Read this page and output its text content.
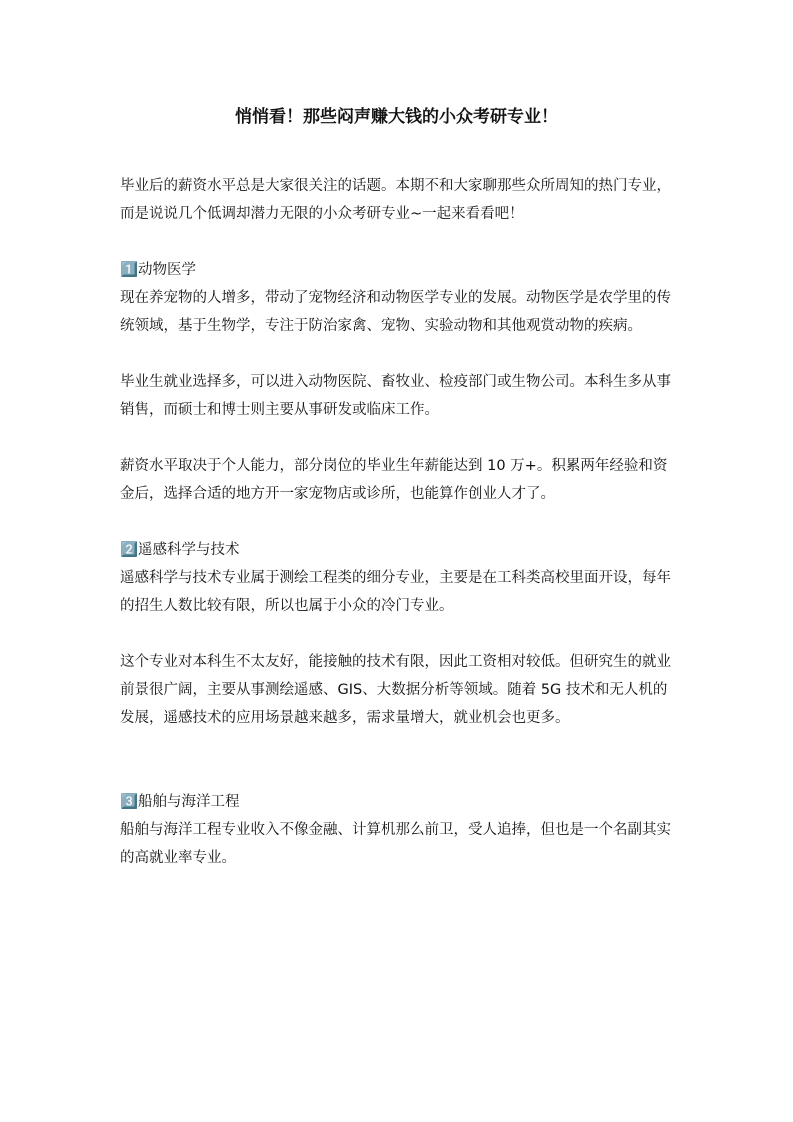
悄悄看！那些闷声赚大钱的小众考研专业！

毕业后的薪资水平总是大家很关注的话题。本期不和大家聊那些众所周知的热门专业，而是说说几个低调却潜力无限的小众考研专业~一起来看看吧！

1️⃣动物医学

现在养宠物的人增多，带动了宠物经济和动物医学专业的发展。动物医学是农学里的传统领域，基于生物学，专注于防治家禽、宠物、实验动物和其他观赏动物的疾病。

毕业生就业选择多，可以进入动物医院、畜牧业、检疫部门或生物公司。本科生多从事销售，而硕士和博士则主要从事研发或临床工作。

薪资水平取决于个人能力，部分岗位的毕业生年薪能达到 10 万+。积累两年经验和资金后，选择合适的地方开一家宠物店或诊所，也能算作创业人才了。

2️⃣遥感科学与技术

遥感科学与技术专业属于测绘工程类的细分专业，主要是在工科类高校里面开设，每年的招生人数比较有限，所以也属于小众的冷门专业。

这个专业对本科生不太友好，能接触的技术有限，因此工资相对较低。但研究生的就业前景很广阔，主要从事测绘遥感、GIS、大数据分析等领域。随着 5G 技术和无人机的发展，遥感技术的应用场景越来越多，需求量增大，就业机会也更多。

3️⃣船舶与海洋工程

船舶与海洋工程专业收入不像金融、计算机那么前卫，受人追捧，但也是一个名副其实的高就业率专业。
